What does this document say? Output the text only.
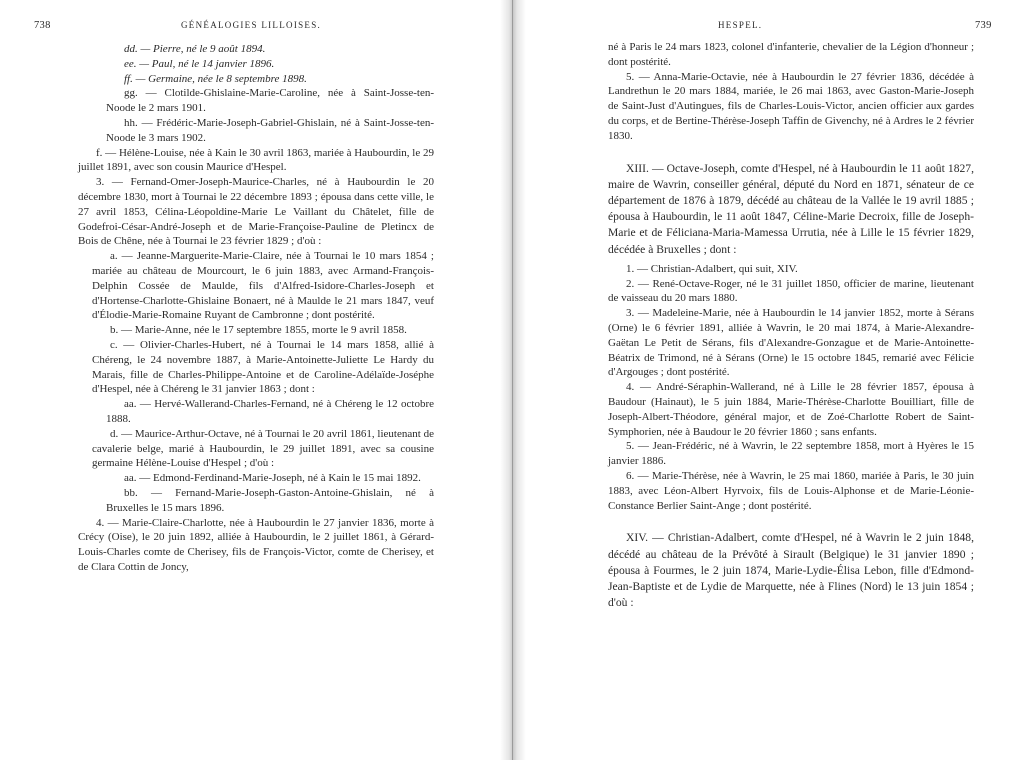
738	GÉNÉALOGIES LILLOISES.

dd. — Pierre, né le 9 août 1894.

ee. — Paul, né le 14 janvier 1896.

ff. — Germaine, née le 8 septembre 1898.

gg. — Clotilde-Ghislaine-Marie-Caroline, née à Saint-Josse-ten-Noode le 2 mars 1901.

hh. — Frédéric-Marie-Joseph-Gabriel-Ghislain, né à Saint-Josse-ten-Noode le 3 mars 1902.

f. — Hélène-Louise, née à Kain le 30 avril 1863, mariée à Haubourdin, le 29 juillet 1891, avec son cousin Maurice d'Hespel.

3. — Fernand-Omer-Joseph-Maurice-Charles, né à Haubourdin le 20 décembre 1830, mort à Tournai le 22 décembre 1893 ; épousa dans cette ville, le 27 avril 1853, Célina-Léopoldine-Marie Le Vaillant du Châtelet, fille de Godefroi-César-André-Joseph et de Marie-Françoise-Pauline de Pletincx de Bois de Chêne, née à Tournai le 23 février 1829 ; d'où :

a. — Jeanne-Marguerite-Marie-Claire, née à Tournai le 10 mars 1854 ; mariée au château de Mourcourt, le 6 juin 1883, avec Armand-François-Delphin Cossée de Maulde, fils d'Alfred-Isidore-Charles-Joseph et d'Hortense-Charlotte-Ghislaine Bonaert, né à Maulde le 21 mars 1847, veuf d'Élodie-Marie-Romaine Ruyant de Cambronne ; dont postérité.

b. — Marie-Anne, née le 17 septembre 1855, morte le 9 avril 1858.

c. — Olivier-Charles-Hubert, né à Tournai le 14 mars 1858, allié à Chéreng, le 24 novembre 1887, à Marie-Antoinette-Juliette Le Hardy du Marais, fille de Charles-Philippe-Antoine et de Caroline-Adélaïde-Joséphe d'Hespel, née à Chéreng le 31 janvier 1863 ; dont :

aa. — Hervé-Wallerand-Charles-Fernand, né à Chéreng le 12 octobre 1888.

d. — Maurice-Arthur-Octave, né à Tournai le 20 avril 1861, lieutenant de cavalerie belge, marié à Haubourdin, le 29 juillet 1891, avec sa cousine germaine Hélène-Louise d'Hespel ; d'où :

aa. — Edmond-Ferdinand-Marie-Joseph, né à Kain le 15 mai 1892.

bb. — Fernand-Marie-Joseph-Gaston-Antoine-Ghislain, né à Bruxelles le 15 mars 1896.

4. — Marie-Claire-Charlotte, née à Haubourdin le 27 janvier 1836, morte à Crécy (Oise), le 20 juin 1892, alliée à Haubourdin, le 2 juillet 1861, à Gérard-Louis-Charles comte de Cherisey, fils de François-Victor, comte de Cherisey, et de Clara Cottin de Joncy,

HESPEL.	739

né à Paris le 24 mars 1823, colonel d'infanterie, chevalier de la Légion d'honneur ; dont postérité.

5. — Anna-Marie-Octavie, née à Haubourdin le 27 février 1836, décédée à Landrethun le 20 mars 1884, mariée, le 26 mai 1863, avec Gaston-Marie-Joseph de Saint-Just d'Autingues, fils de Charles-Louis-Victor, ancien officier aux gardes du corps, et de Bertine-Thérèse-Joseph Taffin de Givenchy, né à Ardres le 2 février 1830.

XIII. — Octave-Joseph, comte d'Hespel, né à Haubourdin le 11 août 1827, maire de Wavrin, conseiller général, député du Nord en 1871, sénateur de ce département de 1876 à 1879, décédé au château de la Vallée le 19 avril 1885 ; épousa à Haubourdin, le 11 août 1847, Céline-Marie Decroix, fille de Joseph-Marie et de Féliciana-Maria-Mamessa Urrutia, née à Lille le 15 février 1829, décédée à Bruxelles ; dont :

1. — Christian-Adalbert, qui suit, XIV.

2. — René-Octave-Roger, né le 31 juillet 1850, officier de marine, lieutenant de vaisseau du 20 mars 1880.

3. — Madeleine-Marie, née à Haubourdin le 14 janvier 1852, morte à Sérans (Orne) le 6 février 1891, alliée à Wavrin, le 20 mai 1874, à Marie-Alexandre-Gaëtan Le Petit de Sérans, fils d'Alexandre-Gonzague et de Marie-Antoinette-Béatrix de Trimond, né à Sérans (Orne) le 15 octobre 1845, remarié avec Félicie d'Argouges ; dont postérité.

4. — André-Séraphin-Wallerand, né à Lille le 28 février 1857, épousa à Baudour (Hainaut), le 5 juin 1884, Marie-Thérèse-Charlotte Bouilliart, fille de Joseph-Albert-Théodore, général major, et de Zoé-Charlotte Robert de Saint-Symphorien, née à Baudour le 20 février 1860 ; sans enfants.

5. — Jean-Frédéric, né à Wavrin, le 22 septembre 1858, mort à Hyères le 15 janvier 1886.

6. — Marie-Thérèse, née à Wavrin, le 25 mai 1860, mariée à Paris, le 30 juin 1883, avec Léon-Albert Hyrvoix, fils de Louis-Alphonse et de Marie-Léonie-Constance Berlier Saint-Ange ; dont postérité.

XIV. — Christian-Adalbert, comte d'Hespel, né à Wavrin le 2 juin 1848, décédé au château de la Prévôté à Sirault (Belgique) le 31 janvier 1890 ; épousa à Fourmes, le 2 juin 1874, Marie-Lydie-Élisa Lebon, fille d'Edmond-Jean-Baptiste et de Lydie de Marquette, née à Flines (Nord) le 13 juin 1854 ; d'où :
